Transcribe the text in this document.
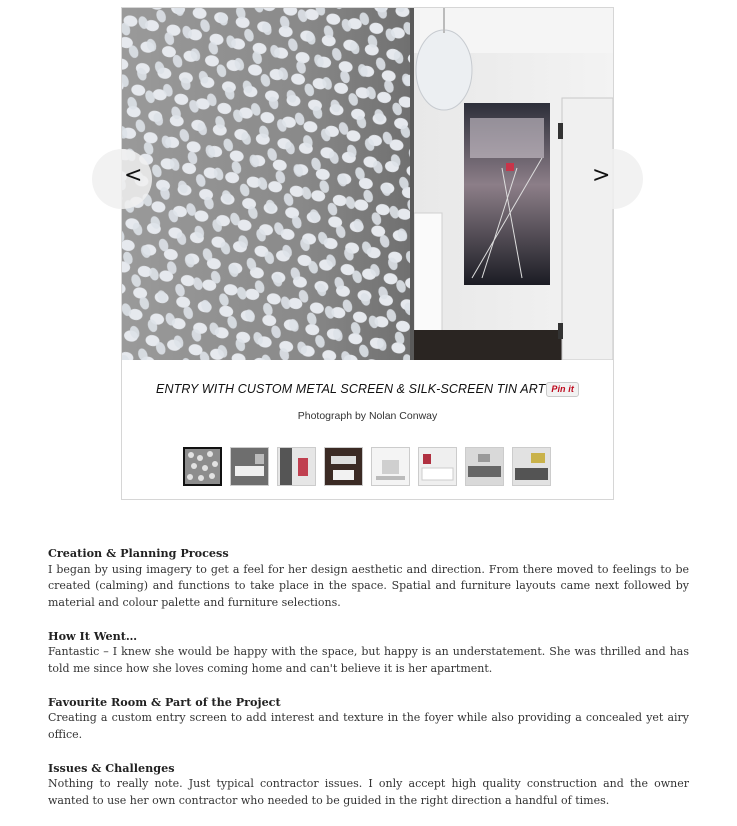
<	>
ENTRY WITH CUSTOM METAL SCREEN & SILK-SCREEN TIN ART Pin it
Photograph by Nolan Conway
Creation & Planning Process

I began by using imagery to get a feel for her design aesthetic and direction. From there moved to feelings to be created (calming) and functions to take place in the space. Spatial and furniture layouts came next followed by material and colour palette and furniture selections.

How It Went…

Fantastic – I knew she would be happy with the space, but happy is an understatement. She was thrilled and has told me since how she loves coming home and can't believe it is her apartment.

Favourite Room & Part of the Project

Creating a custom entry screen to add interest and texture in the foyer while also providing a concealed yet airy office.

Issues & Challenges

Nothing to really note. Just typical contractor issues. I only accept high quality construction and the owner wanted to use her own contractor who needed to be guided in the right direction a handful of times.
